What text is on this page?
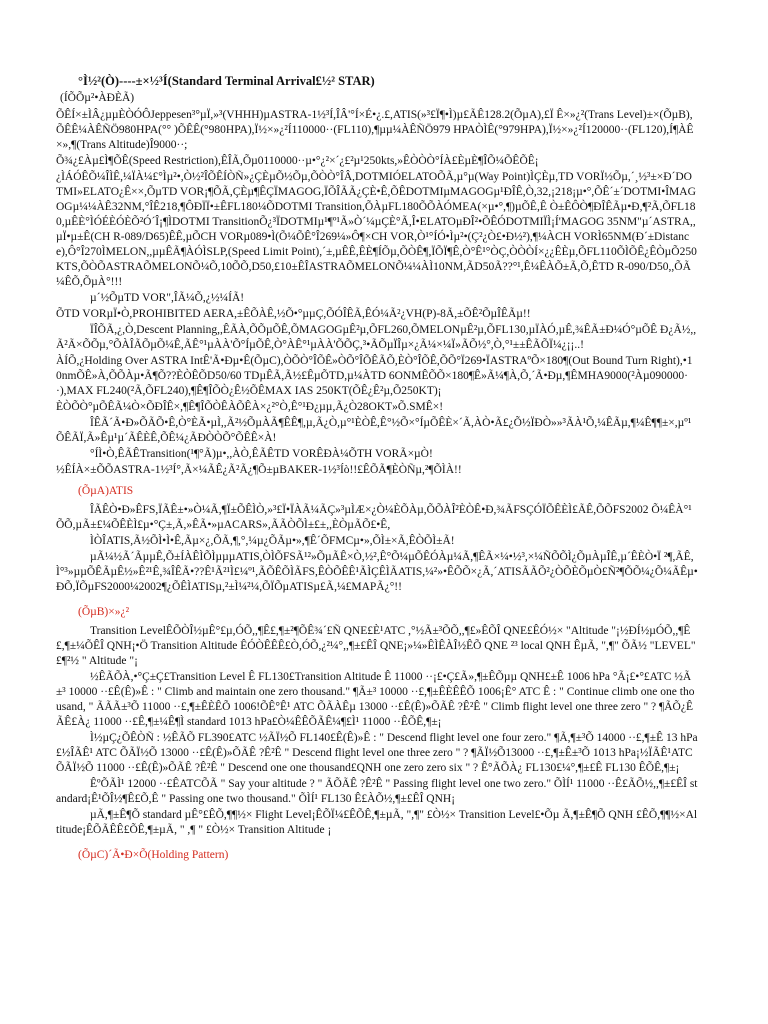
°Ì½²(Ò)----±×½³Í(Standard Terminal Arrival£½² STAR)
(ÍÕÕµ²•ÀÐÈÃ)

ÕÊÍ×±ÌÂ¿µµÈÒÓÔJeppesen³°µÏ,»³(VHHH)µASTRA-1½³Í,ÎÂ'°Í×É•¿.£,ATIS(»³£Ï¶•Ì)µ£ÃÊ128.2(ÕµA),£Ï Ê×»¿²(Trans Level)±×(ÕµB),ÕÊÊ¼ÀÊÑÖ980HPA(°° )ÕÊÊ(°980HPA),Ï½×»¿²Í110000··(FL110),¶µµ¼ÀÊÑÖ979 HPAÒÌÊ(°979HPA),Ï½×»¿²Í120000··(FL120),Í¶ÀÊ×»,¶(Trans Altitude)Î9000··;

Õ¾¿£Àµ£Ì¶ÕÊ(Speed Restriction),ÊÎÃ,Õµ0110000··µ•°¿²×´¿£²µ¹250kts,»ÊÒÒÒ°ÍÀ£ÈµÈ¶ÎÕ¼ÕÊÕÊ¡

¿ÌÁÓÊÕ¼ÎÌÊ,¼ÏÀ¼£°Ìµ²•,Ò½²ÎÕÊÍÒÑ»¿ÇÈµÕ½Õµ,ÕÒÒ°ÎÂ,DOTMIÓELATOÕÃ,µ°µ(Way Point)ÌÇÈµ,TD VORÏ½Õµ,´¸½³±×Ð´DOTMI»ELATO¿Ê××,ÕµTD VOR¡¶ÕÃ,ÇÈµ¶ÊÇÏMAGOG,ÏÕÎÃÃ¿ÇÈ•Ê,ÕÊDOTMIµMAGOGµ¹ÐÎÊ,Ò,32,¡218¡µ•°,ÕÊ´±´DOTMI•ÎMAGOGµ¼¼ÀÊ32NM,°ÎÊ218,¶ÔÐÏÏ•±ÊFL180¼ÕDOTMI Transition,ÕÀµFL180ÕÕÀÓMEA(×µ•°,¶)µÕÊ,Ê Ò±ÊÔÒ¶ÐÎÊÃµ•Ð,¶²Ã,ÕFL180,µÊÈ°ÌÓÉÈÓÈÕ²Ó´Î¡¶ÌDOTMI TransitionÕ¿³ÏDOTMIµ¹¶º¹Ã»Ò´¼µÇÈ°Ã,Î•ELATOµÐÎ²•ÕÊÓDOTMIÏÌ¡Í'MAGOG 35NM"µ´ASTRA,,µÏ•µ±Ê(CH R-089/D65)ÊÊ,µÕCH VORµ089•Ì(Õ¼ÕÊ°Î269¼»Ô¶×CH VOR,Ò¹°ÍÓ•Ìµ²•(Ç²¿Ò£•Ð½²),¶¼ÀCH VORÌ65NM(Ð´±Distance),Ô°Î270ÌMELON,,µµÊÃ¶ÀÓÌSLP,(Speed Limit Point),´±,µÊÊ,ÊÈ¶ÍÕµ,ÕÒÊ¶,ÏÕÏ¶Ê,Ò°Ê¹°ÒÇ,ÒÒÒÍ×¿¿ÊÈµ,ÕFL110ÕÌÕÊ¿ÊÒµÕ250KTS,ÕÒÕASTRAÕMELONÕ¼Õ,10ÕÕ,D50,£10±ÊÎASTRAÕMELONÕ¼¼ÀÌ10NM,ÃD50Ã??°¹,Ê¼ÊÀÕ±Ã,Õ,ÊTD R-090/D50,,ÕÃ¼ÊÕ,ÕµÀ°!!!

µ´½ÕµTD VOR",ÎÃ¼Õ,¿½¼ÍÃ!

ÕTD VORµÏ•Ò,PROHIBITED AERA,±ÊÕÀÊ,½Õ•°µµÇ,ÕÓÎÊÃ,ÊÓ¼Ã²¿VH(P)-8Ã,±ÕÊ²ÕµÎÊÃµ!!

ÏÎÕÃ,¿,Ò,Descent Planning,,ÊÃÀ,ÕÕµÕÊ,ÕMAGOGµÊ²µ,ÕFL260,ÕMELONµÊ²µ,ÕFL130,µÏÀÓ,µÊ,¾ÊÃ±Ð¼Ó°µÕÊ Ð¿Ã½,,Ã²Ã×ÕÕµ,°ÕÀÎÃÕµÕ¼Ê,ÃÊ°¹µÀÀ'Õ°ÍµÕÊ,Ò°ÀÊ°¹µÀÀ'ÕÕÇ,³•ÃÕµÏÎµ×¿Ã¼×¼Ï»ÃÕ½°,Ò,°¹±±ÊÃÕÏ¼¿¡¡..!

ÀÍÕ,¿Holding Over ASTRA IntÊ'Ã•Ðµ•Ê(ÕµC),ÒÕÒ°ÎÕÊ»ÒÕ°ÎÕÊÃÕ,ÈÒ°ÎÕÊ,ÕÕ°Ï269•ÏASTRAºÕ×180¶(Out Bound Turn Right),•10nmÕÊ»À,ÕÕÀµ•Ã¶Õ??ÈÒÊÕD50/60 TDµÊÃ,Ã½£ÊµÕTD,µ¼ÀTD 6ONMÊÕÕ×180¶Ê»Ã¼¶À,Õ,´Ã•Ðµ,¶ÊMHA9000(²Àµ090000··),MAX FL240(²Ã,ÕFL240),¶Ê¶ÎÕÒ¿Ê½ÕÊMAX IAS 250KT(ÕÊ¿Ê²µ,Õ250KT)¡

ÈÒÕÒ°µÕÊÃ¼Ò×ÕÐÎÊ×,¶Ê¶ÎÕÒÊÀÕÊÀ×¿²°Ò,Ê°¹Ð¿µµ,Ã¿Ò28OKT»Õ.SMÊ×!

ÎÊÃ´Ã•Ð»ÕÃÕ•Ê,Ò°ÈÃ•µÌ,,Ã²½ÕµÀÃ¶ÊÊ¶,µ,Ã¿Ò,µ°¹ÈÒÊ,Ê°½Õ×°ÍµÕÊÈ×´Ã,ÀÒ•Ã£¿Õ½ÏÐÒ»»³ÃÀ¹Õ,¼ÊÃµ,¶¼Ê¶¶±×,µº¹ÕÊÃÏ,Ã»Êµ¹µ´ÃÊÈÊ,ÕÊ¼¿ÃÐÒÒÕ°ÕÊÊ×À!

°ÍÌ•Ò,ÊÃÊTransition(¹¶°Ã)µ•,,ÀÒ,ÊÃÊTD VORÊÐÀ¼ÕTH VORÃ×µÒ!

½ÊÍÀ×±ÕÕASTRA-1½³Í°,Ã×¼ÃÊ¿Ã²Ã¿¶Õ±µBAKER-1½³Íò!!£ÊÕÃ¶ÈÒÑµ,²¶ÕÌÀ!!

(ÕµA)ATIS

ÎÃÊÒ•Ð»ÊFS,ÏÃÊ±•»Ò¼Ã,¶Ï±ÕÊÌÒ,»³£Ï•ÏÀÃ¼ÃÇ»³µÌÆ×¿Ò¼ÈÕÀµ,ÕÕÀÎ²ÈÒÊ•Ð,¾ÃFSÇÓÏÕÊÈÌ£ÃÊ,ÕÕFS2002 Õ¼ÊÀ°¹ÕÕ,µÃ±£¼ÕÊÈÌ£µ•°Ç±,Ã,»ÊÃ•»µACARS»,ÃÃÒÕÌ±£±,,ÈÒµÃÕ£•Ê,

ÌÒÎATIS,Ã½ÕÌ•Ì•Ê,Ãµ×¿,ÕÃ,¶,°,¼µ¿ÕÃµ•»,¶Ê´ÕFMCµ•»,ÕÌ±×Ã,ÊÒÕÌ±Ã!

µÃ¼½Ã´ÃµµÊ,Õ±ÍÀÊÌÕÌµµµATIS,ÒÌÕFSÃ¹²»ÕµÃÊ×Ò,½²,Ê°Õ¼µÕÊÓÀµ¼Ã,¶ÊÃ×¼•½³,×¼ÑÕÕÌ¿ÕµÀµÎÊ,µ´ÊÈÒ•Ï ²¶,ÃÊ,Ì°³»µµÕÊÃµÊ½»Ê²¹Ê,¾ÎÊÃ•??Ê¹Ã²¹Ì£¼º¹,ÃÕÊÕÌÃFS,ÊÒÕÊÊ¹ÃÌÇÊÌÃATIS,¼²»•ÊÕÕ×¿Ã,´ATISÃÃÕ²¿ÒÕÈÕµÒ£Ñ²¶ÕÕ¼¿Õ¼ÃÊµ•ÐÕ,ÏÕµFS2000¼2002¶¿ÕÊÌATISµ,²±Ì¼²¼,ÕÏÕµATISµ£Ã,¼£MAPÃ¿°!!

(ÕµB)×»¿²

Transition LevelÊÕÒÎ½µÊ°£µ,ÓÕ,,¶Ê£,¶±²¶ÕÊ¾´£Ñ QNE£È¹ATC ,°½Ã±³ÕÕ,,¶£»ÊÕÎ QNE£ÊÓ½× "Altitude "¡½ÐÍ½µÓÕ,,¶Ê£,¶±¼ÕÊÎ QNH¡•Ö Transition Altitude ÊÓÒÊÊÊ£Ò,ÓÕ,¿²¼°,,¶±£ÊÎ QNE¡»¼»ÊÌÊÀÎ½ÊÕ QNE ²³ local QNH ÊµÃ, ",¶" ÕÃ½ "LEVEL" £¶²½ " Altitude "¡

½ÊÃÕÀ,•°Ç±Ç£Transition Level Ê FL130£Transition Altitude Ê 11000 ··¡£•Ç£Ã»,¶±ÊÕµµ QNH£±Ê 1006 hPa °Ã¡£•°£ATC ½Ã±³ 10000 ··£Ê(Ê)»Ê : " Climb and maintain one zero thousand." ¶Ã±³ 10000 ··£,¶±ÊÈÊÊÕ 1006¡Ê° ATC Ê : " Continue climb one one thousand, " ÃÃÃ±³Õ 11000 ··£,¶±ÊÈÊÕ 1006!ÕÊ°Ê¹ ATC ÕÃÀÊµ 13000 ··£Ê(Ê)»ÕÃÊ ?Ê²Ê " Climb flight level one three zero " ? ¶ÃÕ¿ÊÃÊ£À¿ 11000 ··£Ê,¶±¼Ê¶Ì standard 1013 hPa£Ò¼ÊÊÕÃÊ¼¶£Ì¹ 11000 ··ÊÕÊ,¶±¡

Ì½µÇ¿ÕÊÒÑ : ½ÊÃÕ FL390£ATC ½ÃÏ½Õ FL140£Ê(Ê)»Ê : " Descend flight level one four zero." ¶Ã,¶±³Õ 14000 ··£,¶±Ê 13 hPa£½ÎÃÊ¹ ATC ÕÃÏ½Õ 13000 ··£Ê(Ê)»ÕÃÊ ?Ê²Ê " Descend flight level one three zero " ? ¶ÃÏ½Õ13000 ··£,¶±Ê±³Õ 1013 hPa¡½ÏÃÊ¹ATCÕÃÏ½Õ 11000 ··£Ê(Ê)»ÕÃÊ ?Ê²Ê " Descend one one thousand£QNH one zero zero six " ? Ê°ÃÕÀ¿ FL130£¼°,¶±£Ê FL130 ÊÕÊ,¶±¡

ÊºÕÃÌ¹ 12000 ··£ÊATCÕÃ " Say your altitude ? " ÃÕÃÊ ?Ê²Ê " Passing flight level one two zero." ÕÌÍ¹ 11000 ··Ê£ÃÕ½,,¶±£ÊÎ standard¡Ê¹ÕÎ½¶Ê£Õ,Ê " Passing one two thousand." ÕÌÍ¹ FL130 Ê£ÀÕ½,¶±£ÊÎ QNH¡

µÃ,¶±Ê¶Õ standard µÊ°£ÊÕ,¶¶½× Flight Level¡ÊÕÏ¼£ÊÕÊ,¶±µÃ, ",¶" £Ò½× Transition Level£•Õµ Ã,¶±Ê¶Õ QNH £ÊÕ,¶¶½×Altitude¡ÊÕÃÊÊ£ÕÊ,¶±µÃ, " ,¶ " £Ò½× Transition Altitude ¡

(ÕµC)´Ã•Ð×Õ(Holding Pattern)
